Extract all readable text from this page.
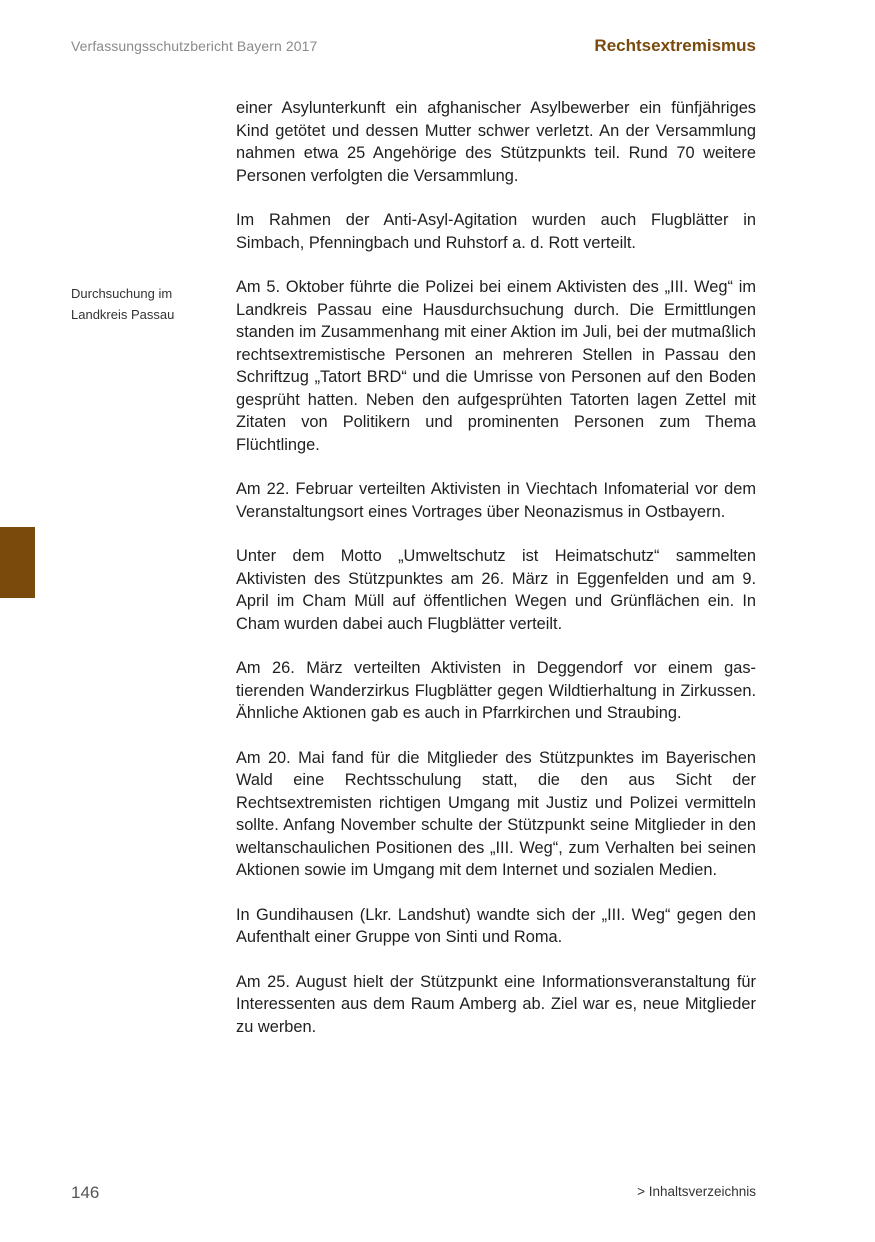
Verfassungsschutzbericht Bayern 2017	Rechtsextremismus
Durchsuchung im
Landkreis Passau

einer Asylunterkunft ein afghanischer Asylbewerber ein fünfjähriges Kind getötet und dessen Mutter schwer verletzt. An der Versammlung nahmen etwa 25 Angehörige des Stützpunkts teil. Rund 70 weitere Personen verfolgten die Versammlung.

Im Rahmen der Anti-Asyl-Agitation wurden auch Flugblätter in Simbach, Pfenningbach und Ruhstorf a. d. Rott verteilt.

Am 5. Oktober führte die Polizei bei einem Aktivisten des „III. Weg“ im Landkreis Passau eine Hausdurchsuchung durch. Die Ermittlungen standen im Zusammenhang mit einer Aktion im Juli, bei der mutmaßlich rechtsextremistische Personen an mehreren Stellen in Passau den Schriftzug „Tatort BRD“ und die Umrisse von Personen auf den Boden gesprüht hatten. Neben den aufgesprühten Tatorten lagen Zettel mit Zitaten von Politikern und prominenten Personen zum Thema Flüchtlinge.

Am 22. Februar verteilten Aktivisten in Viechtach Infomaterial vor dem Veranstaltungsort eines Vortrages über Neonazismus in Ostbayern.

Unter dem Motto „Umweltschutz ist Heimatschutz“ sammelten Aktivisten des Stützpunktes am 26. März in Eggenfelden und am 9. April im Cham Müll auf öffentlichen Wegen und Grünflächen ein. In Cham wurden dabei auch Flugblätter verteilt.

Am 26. März verteilten Aktivisten in Deggendorf vor einem gastierenden Wanderzirkus Flugblätter gegen Wildtierhaltung in Zirkussen. Ähnliche Aktionen gab es auch in Pfarrkirchen und Straubing.

Am 20. Mai fand für die Mitglieder des Stützpunktes im Bayerischen Wald eine Rechtsschulung statt, die den aus Sicht der Rechtsextremisten richtigen Umgang mit Justiz und Polizei vermitteln sollte. Anfang November schulte der Stützpunkt seine Mitglieder in den weltanschaulichen Positionen des „III. Weg“, zum Verhalten bei seinen Aktionen sowie im Umgang mit dem Internet und sozialen Medien.

In Gundihausen (Lkr. Landshut) wandte sich der „III. Weg“ gegen den Aufenthalt einer Gruppe von Sinti und Roma.

Am 25. August hielt der Stützpunkt eine Informationsveranstaltung für Interessenten aus dem Raum Amberg ab. Ziel war es, neue Mitglieder zu werben.

146	> Inhaltsverzeichnis
